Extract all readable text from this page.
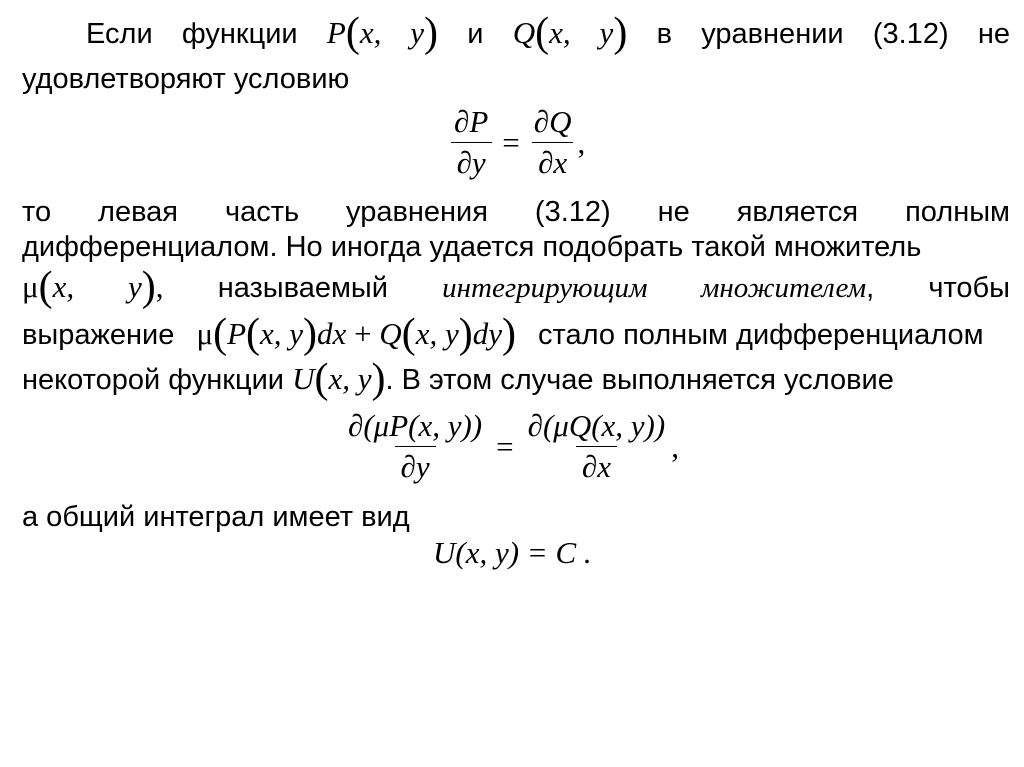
Если функции P(x, y) и Q(x, y) в уравнении (3.12) не
удовлетворяют условию
$\frac{\partial P}{\partial y} = \frac{\partial Q}{\partial x}$ ,
то левая часть уравнения (3.12) не является полным
дифференциалом. Но иногда удается подобрать такой множитель
μ(x, y), называемый интегрирующим множителем, чтобы
выражение μ(P(x, y)dx + Q(x, y)dy) стало полным дифференциалом
некоторой функции U(x, y). В этом случае выполняется условие
$\frac{\partial(\mu P(x, y))}{\partial y} = \frac{\partial(\mu Q(x, y))}{\partial x}$ ,
а общий интеграл имеет вид
U(x, y) = C .
